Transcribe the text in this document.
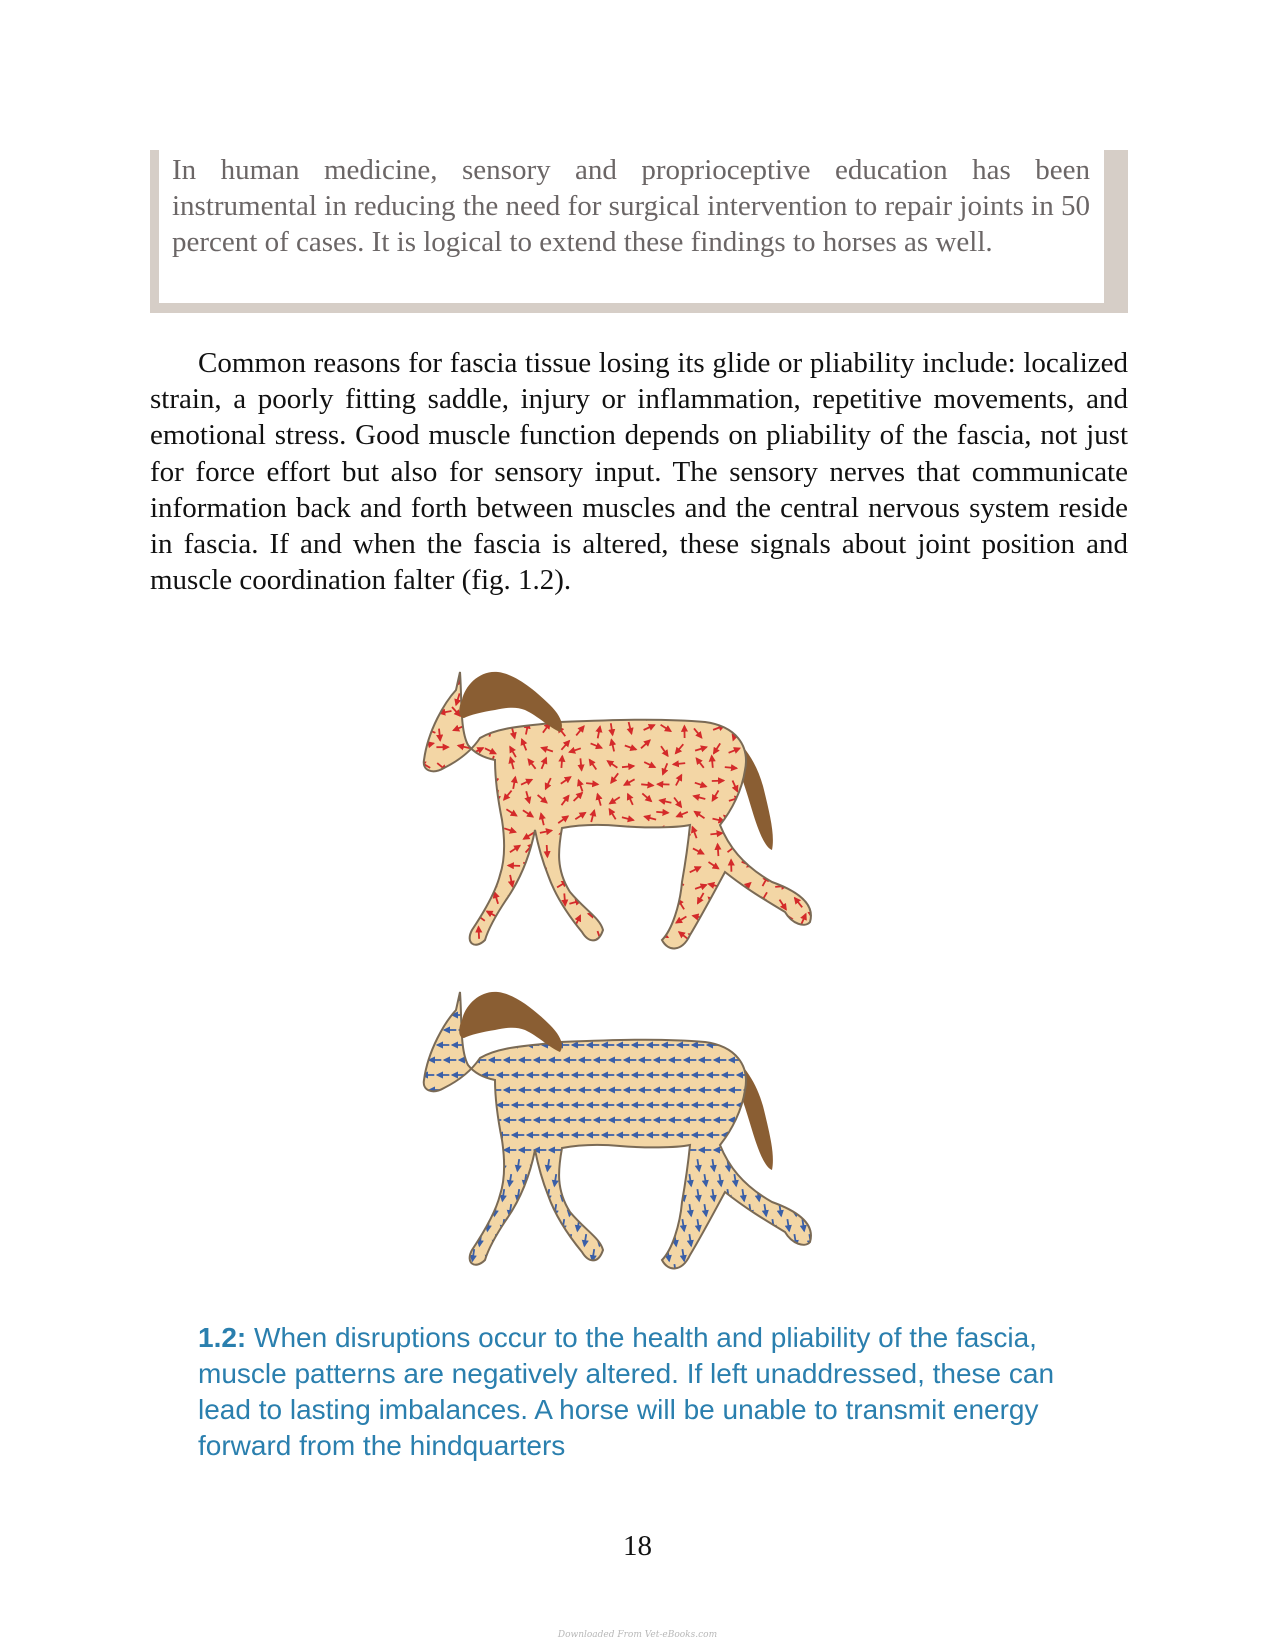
In human medicine, sensory and proprioceptive education has been instrumental in reducing the need for surgical intervention to repair joints in 50 percent of cases. It is logical to extend these findings to horses as well.

Common reasons for fascia tissue losing its glide or pliability include: localized strain, a poorly fitting saddle, injury or inflammation, repetitive movements, and emotional stress. Good muscle function depends on pliability of the fascia, not just for force effort but also for sensory input. The sensory nerves that communicate information back and forth between muscles and the central nervous system reside in fascia. If and when the fascia is altered, these signals about joint position and muscle coordination falter (fig. 1.2).

1.2: When disruptions occur to the health and pliability of the fascia, muscle patterns are negatively altered. If left unaddressed, these can lead to lasting imbalances. A horse will be unable to transmit energy forward from the hindquarters

18
Downloaded From Vet-eBooks.com
